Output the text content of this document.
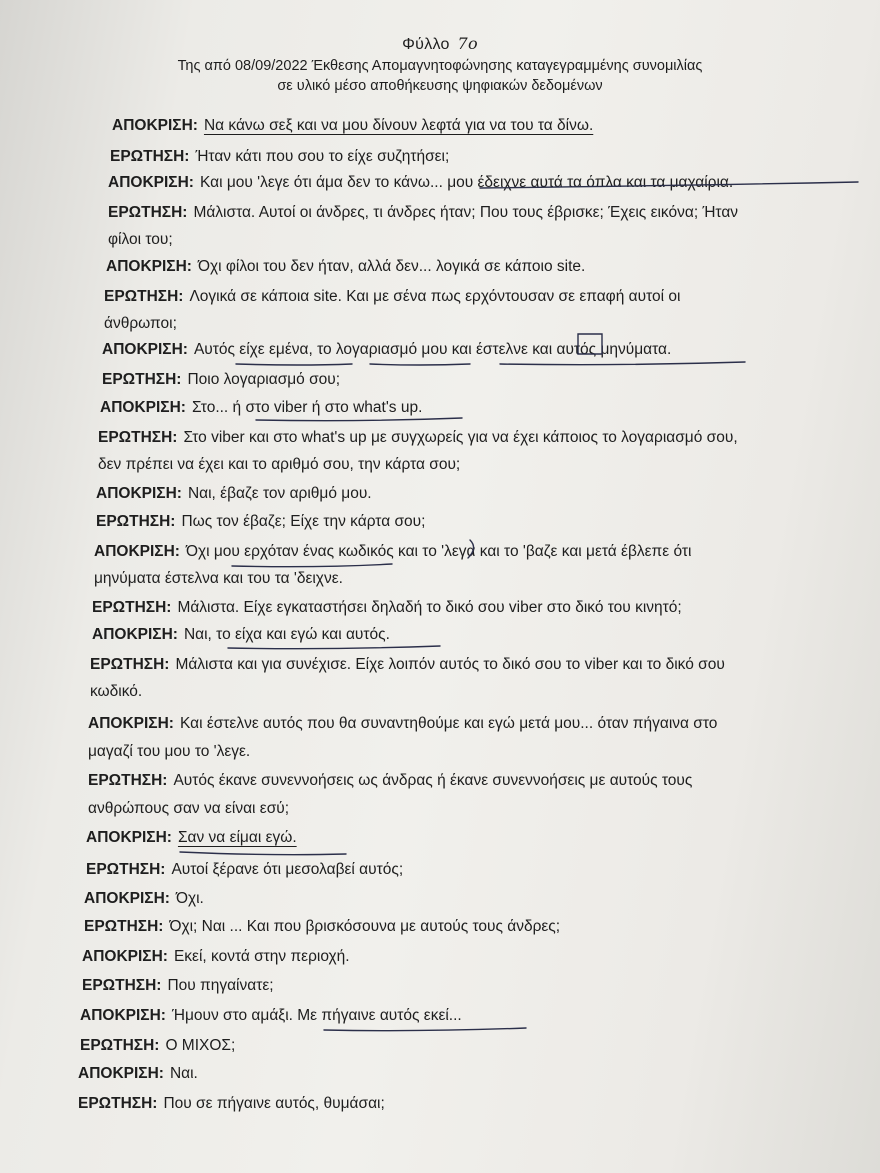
Φύλλο 7ο
Της από 08/09/2022 Έκθεσης Απομαγνητοφώνησης καταγεγραμμένης συνομιλίας
σε υλικό μέσο αποθήκευσης ψηφιακών δεδομένων
ΑΠΟΚΡΙΣΗ: Να κάνω σεξ και να μου δίνουν λεφτά για να του τα δίνω.
ΕΡΩΤΗΣΗ: Ήταν κάτι που σου το είχε συζητήσει;
ΑΠΟΚΡΙΣΗ: Και μου 'λεγε ότι άμα δεν το κάνω... μου έδειχνε αυτά τα όπλα και τα μαχαίρια.
ΕΡΩΤΗΣΗ: Μάλιστα. Αυτοί οι άνδρες, τι άνδρες ήταν; Που τους έβρισκε; Έχεις εικόνα; Ήταν
φίλοι του;
ΑΠΟΚΡΙΣΗ: Όχι φίλοι του δεν ήταν, αλλά δεν... λογικά σε κάποιο site.
ΕΡΩΤΗΣΗ: Λογικά σε κάποια site. Και με σένα πως ερχόντουσαν σε επαφή αυτοί οι
άνθρωποι;
ΑΠΟΚΡΙΣΗ: Αυτός είχε εμένα, το λογαριασμό μου και έστελνε και αυτός μηνύματα.
ΕΡΩΤΗΣΗ: Ποιο λογαριασμό σου;
ΑΠΟΚΡΙΣΗ: Στο... ή στο viber ή στο what's up.
ΕΡΩΤΗΣΗ: Στο viber και στο what's up με συγχωρείς για να έχει κάποιος το λογαριασμό σου,
δεν πρέπει να έχει και το αριθμό σου, την κάρτα σου;
ΑΠΟΚΡΙΣΗ: Ναι, έβαζε τον αριθμό μου.
ΕΡΩΤΗΣΗ: Πως τον έβαζε; Είχε την κάρτα σου;
ΑΠΟΚΡΙΣΗ: Όχι μου ερχόταν ένας κωδικός και το 'λεγα και το 'βαζε και μετά έβλεπε ότι
μηνύματα έστελνα και του τα 'δειχνε.
ΕΡΩΤΗΣΗ: Μάλιστα. Είχε εγκαταστήσει δηλαδή το δικό σου viber στο δικό του κινητό;
ΑΠΟΚΡΙΣΗ: Ναι, το είχα και εγώ και αυτός.
ΕΡΩΤΗΣΗ: Μάλιστα και για συνέχισε. Είχε λοιπόν αυτός το δικό σου το viber και το δικό σου
κωδικό.
ΑΠΟΚΡΙΣΗ: Και έστελνε αυτός που θα συναντηθούμε και εγώ μετά μου... όταν πήγαινα στο
μαγαζί του μου το 'λεγε.
ΕΡΩΤΗΣΗ: Αυτός έκανε συνεννοήσεις ως άνδρας ή έκανε συνεννοήσεις με αυτούς τους
ανθρώπους σαν να είναι εσύ;
ΑΠΟΚΡΙΣΗ: Σαν να είμαι εγώ.
ΕΡΩΤΗΣΗ: Αυτοί ξέρανε ότι μεσολαβεί αυτός;
ΑΠΟΚΡΙΣΗ: Όχι.
ΕΡΩΤΗΣΗ: Όχι; Ναι ... Και που βρισκόσουνα με αυτούς τους άνδρες;
ΑΠΟΚΡΙΣΗ: Εκεί, κοντά στην περιοχή.
ΕΡΩΤΗΣΗ: Που πηγαίνατε;
ΑΠΟΚΡΙΣΗ: Ήμουν στο αμάξι. Με πήγαινε αυτός εκεί...
ΕΡΩΤΗΣΗ: Ο ΜΙΧΟΣ;
ΑΠΟΚΡΙΣΗ: Ναι.
ΕΡΩΤΗΣΗ: Που σε πήγαινε αυτός, θυμάσαι;
